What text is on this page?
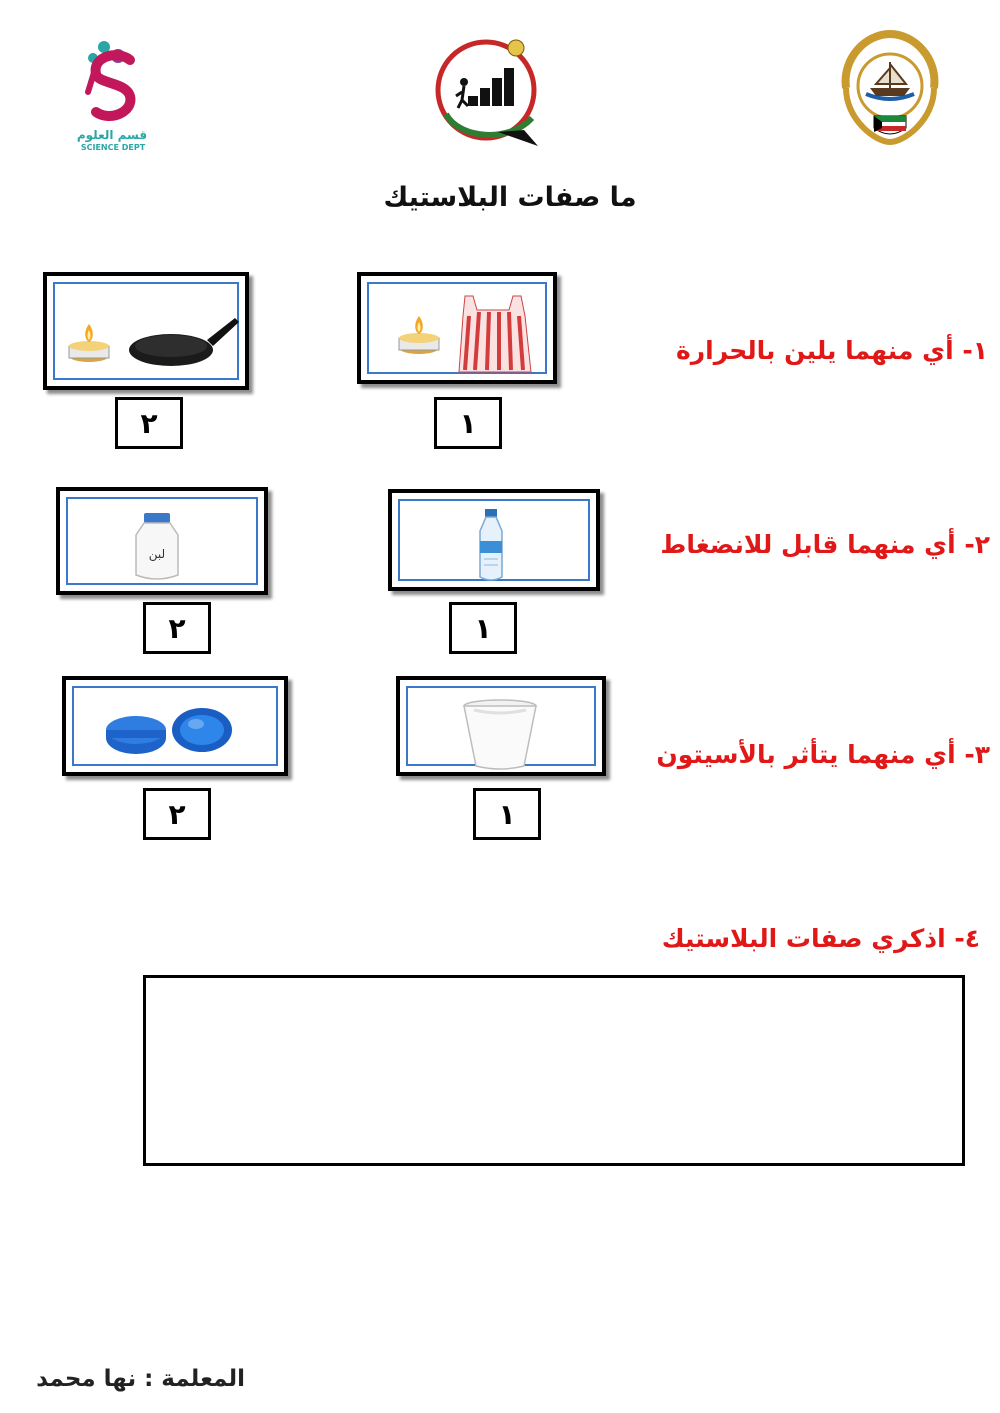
قسم العلوم
SCIENCE DEPT
ما صفات البلاستيك
١- أي منهما يلين بالحرارة
١
٢
٢- أي منهما قابل للانضغاط
١
لبن
٢
٣- أي منهما يتأثر بالأسيتون
١
٢
٤- اذكري صفات البلاستيك
المعلمة : نها محمد
